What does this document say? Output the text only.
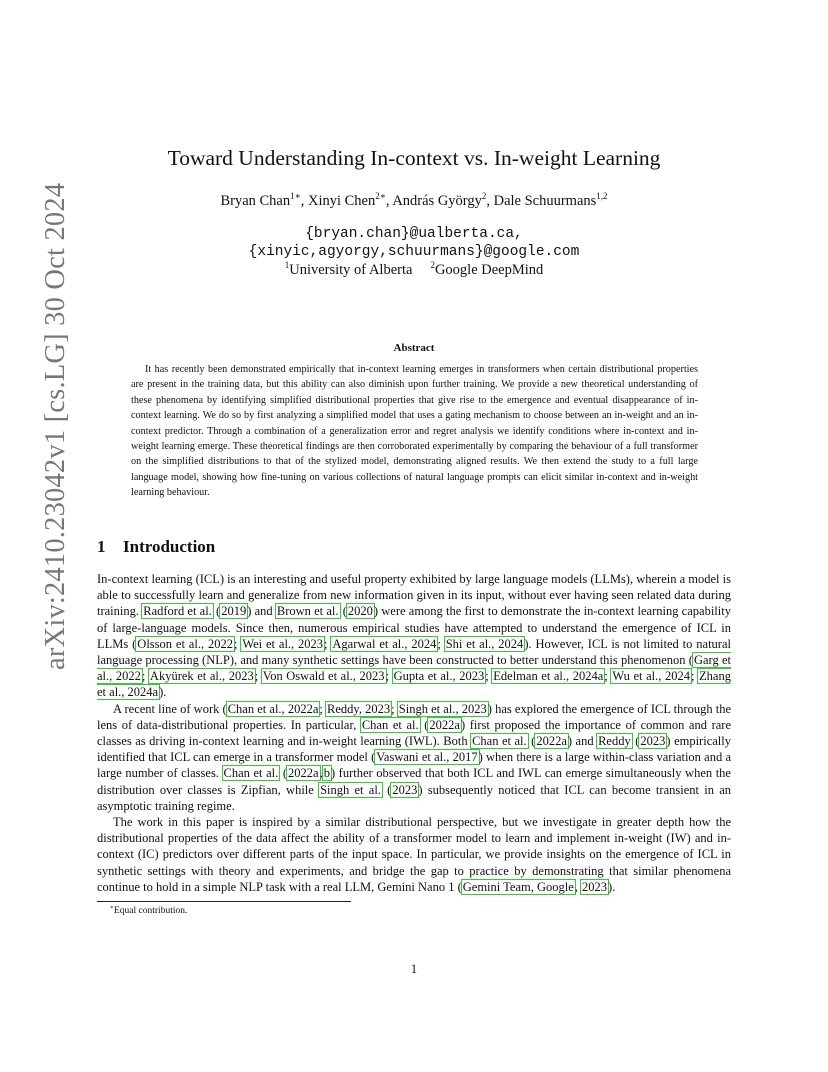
arXiv:2410.23042v1 [cs.LG] 30 Oct 2024
Toward Understanding In-context vs. In-weight Learning
Bryan Chan$^{1∗}$, Xinyi Chen$^{2∗}$, András György$^2$, Dale Schuurmans$^{1,2}$
{bryan.chan}@ualberta.ca,
{xinyic,agyorgy,schuurmans}@google.com
$^1$University of Alberta $^2$Google DeepMind
Abstract

It has recently been demonstrated empirically that in-context learning emerges in transformers when certain distributional properties are present in the training data, but this ability can also diminish upon further training. We provide a new theoretical understanding of these phenomena by identifying simplified distributional properties that give rise to the emergence and eventual disappearance of in-context learning. We do so by first analyzing a simplified model that uses a gating mechanism to choose between an in-weight and an in-context predictor. Through a combination of a generalization error and regret analysis we identify conditions where in-context and in-weight learning emerge. These theoretical findings are then corroborated experimentally by comparing the behaviour of a full transformer on the simplified distributions to that of the stylized model, demonstrating aligned results. We then extend the study to a full large language model, showing how fine-tuning on various collections of natural language prompts can elicit similar in-context and in-weight learning behaviour.

1 Introduction

In-context learning (ICL) is an interesting and useful property exhibited by large language models (LLMs), wherein a model is able to successfully learn and generalize from new information given in its input, without ever having seen related data during training. Radford et al. (2019) and Brown et al. (2020) were among the first to demonstrate the in-context learning capability of large-language models. Since then, numerous empirical studies have attempted to understand the emergence of ICL in LLMs (Olsson et al., 2022; Wei et al., 2023; Agarwal et al., 2024; Shi et al., 2024). However, ICL is not limited to natural language processing (NLP), and many synthetic settings have been constructed to better understand this phenomenon (Garg et al., 2022; Akyürek et al., 2023; Von Oswald et al., 2023; Gupta et al., 2023; Edelman et al., 2024a; Wu et al., 2024; Zhang et al., 2024a).

A recent line of work (Chan et al., 2022a; Reddy, 2023; Singh et al., 2023) has explored the emergence of ICL through the lens of data-distributional properties. In particular, Chan et al. (2022a) first proposed the importance of common and rare classes as driving in-context learning and in-weight learning (IWL). Both Chan et al. (2022a) and Reddy (2023) empirically identified that ICL can emerge in a transformer model (Vaswani et al., 2017) when there is a large within-class variation and a large number of classes. Chan et al. (2022a,b) further observed that both ICL and IWL can emerge simultaneously when the distribution over classes is Zipfian, while Singh et al. (2023) subsequently noticed that ICL can become transient in an asymptotic training regime.

The work in this paper is inspired by a similar distributional perspective, but we investigate in greater depth how the distributional properties of the data affect the ability of a transformer model to learn and implement in-weight (IW) and in-context (IC) predictors over different parts of the input space. In particular, we provide insights on the emergence of ICL in synthetic settings with theory and experiments, and bridge the gap to practice by demonstrating that similar phenomena continue to hold in a simple NLP task with a real LLM, Gemini Nano 1 (Gemini Team, Google, 2023).

∗Equal contribution.
1
